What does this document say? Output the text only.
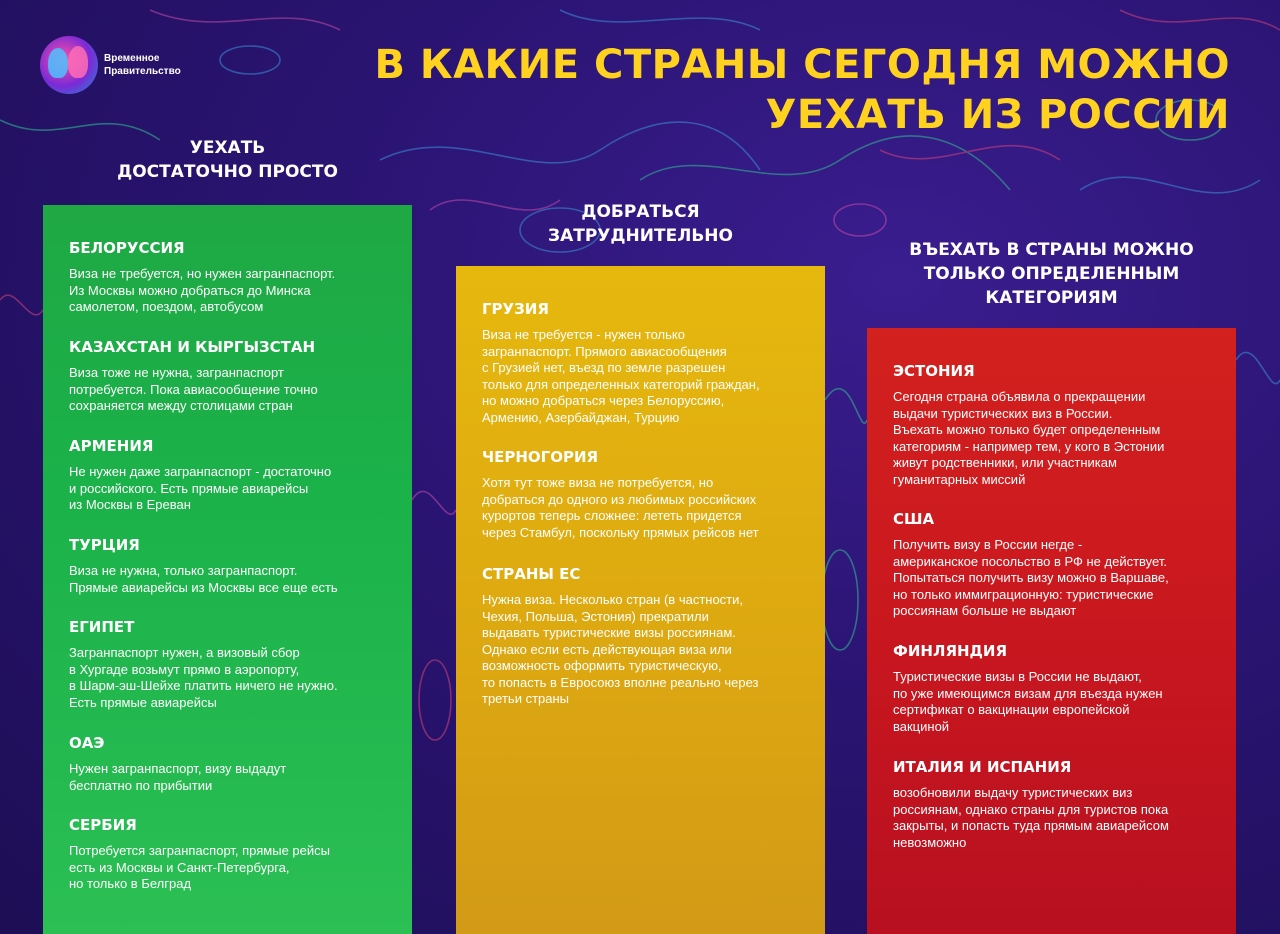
Временное
Правительство	В КАКИЕ СТРАНЫ СЕГОДНЯ МОЖНО
УЕХАТЬ ИЗ РОССИИ
УЕХАТЬ
ДОСТАТОЧНО ПРОСТО
ДОБРАТЬСЯ
ЗАТРУДНИТЕЛЬНО
ВЪЕХАТЬ В СТРАНЫ МОЖНО
ТОЛЬКО ОПРЕДЕЛЕННЫМ
КАТЕГОРИЯМ

БЕЛОРУССИЯ

Виза не требуется, но нужен загранпаспорт.
Из Москвы можно добраться до Минска
самолетом, поездом, автобусом

КАЗАХСТАН И КЫРГЫЗСТАН

Виза тоже не нужна, загранпаспорт
потребуется. Пока авиасообщение точно
сохраняется между столицами стран

АРМЕНИЯ

Не нужен даже загранпаспорт - достаточно
и российского. Есть прямые авиарейсы
из Москвы в Ереван

ТУРЦИЯ

Виза не нужна, только загранпаспорт.
Прямые авиарейсы из Москвы все еще есть

ЕГИПЕТ

Загранпаспорт нужен, а визовый сбор
в Хургаде возьмут прямо в аэропорту,
в Шарм-эш-Шейхе платить ничего не нужно.
Есть прямые авиарейсы

ОАЭ

Нужен загранпаспорт, визу выдадут
бесплатно по прибытии

СЕРБИЯ

Потребуется загранпаспорт, прямые рейсы
есть из Москвы и Санкт-Петербурга,
но только в Белград

ГРУЗИЯ

Виза не требуется - нужен только
загранпаспорт. Прямого авиасообщения
с Грузией нет, въезд по земле разрешен
только для определенных категорий граждан,
но можно добраться через Белоруссию,
Армению, Азербайджан, Турцию

ЧЕРНОГОРИЯ

Хотя тут тоже виза не потребуется, но
добраться до одного из любимых российских
курортов теперь сложнее: лететь придется
через Стамбул, поскольку прямых рейсов нет

СТРАНЫ ЕС

Нужна виза. Несколько стран (в частности,
Чехия, Польша, Эстония) прекратили
выдавать туристические визы россиянам.
Однако если есть действующая виза или
возможность оформить туристическую,
то попасть в Евросоюз вполне реально через
третьи страны

ЭСТОНИЯ

Сегодня страна объявила о прекращении
выдачи туристических виз в России.
Въехать можно только будет определенным
категориям - например тем, у кого в Эстонии
живут родственники, или участникам
гуманитарных миссий

США

Получить визу в России негде -
американское посольство в РФ не действует.
Попытаться получить визу можно в Варшаве,
но только иммиграционную: туристические
россиянам больше не выдают

ФИНЛЯНДИЯ

Туристические визы в России не выдают,
по уже имеющимся визам для въезда нужен
сертификат о вакцинации европейской
вакциной

ИТАЛИЯ И ИСПАНИЯ

возобновили выдачу туристических виз
россиянам, однако страны для туристов пока
закрыты, и попасть туда прямым авиарейсом
невозможно
